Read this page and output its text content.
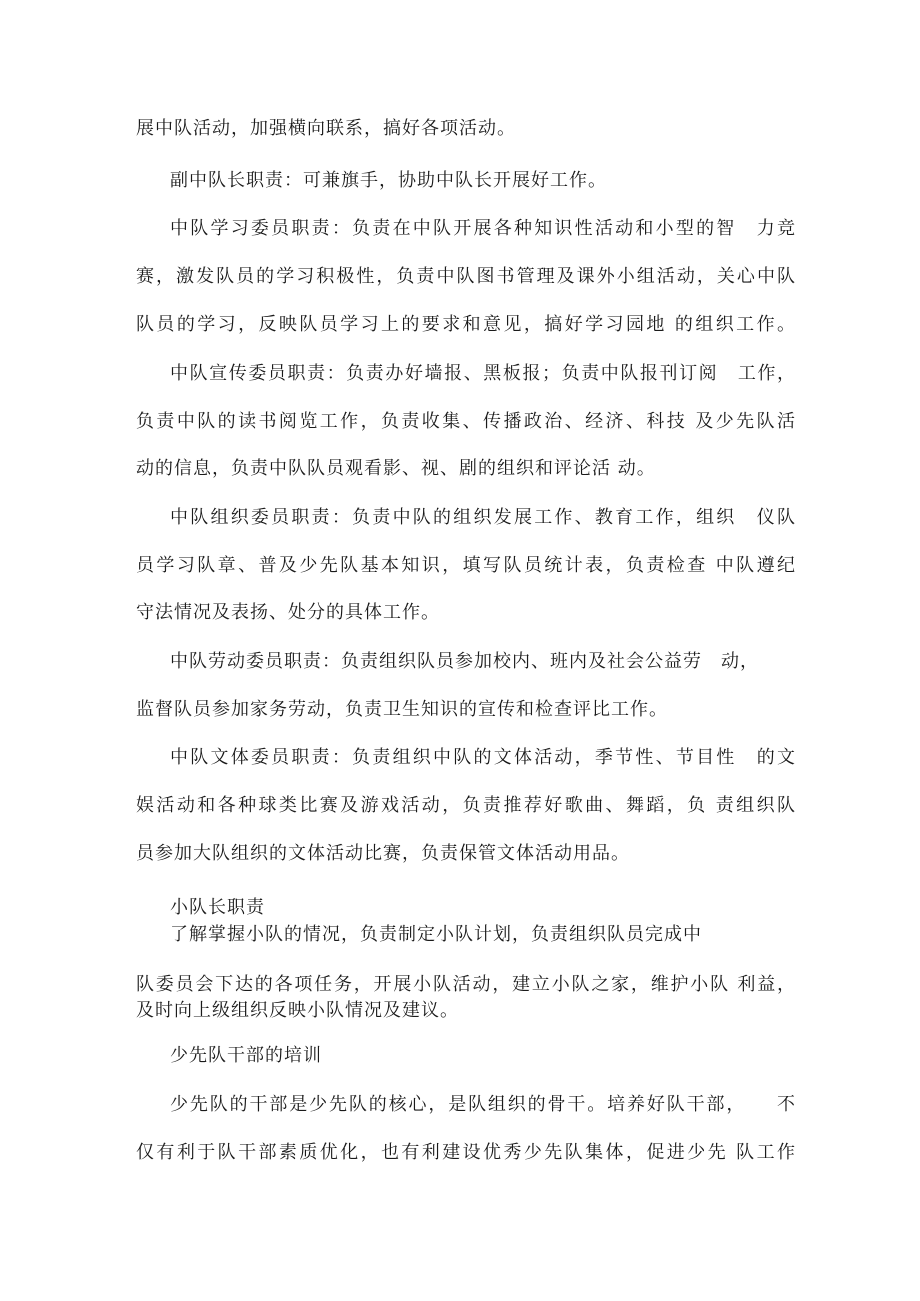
展中队活动，加强横向联系，搞好各项活动。
副中队长职责：可兼旗手，协助中队长开展好工作。
中队学习委员职责：负责在中队开展各种知识性活动和小型的智　力竞
赛，激发队员的学习积极性，负责中队图书管理及课外小组活动，关心中队
队员的学习，反映队员学习上的要求和意见，搞好学习园地 的组织工作。
中队宣传委员职责：负责办好墙报、黑板报；负责中队报刊订阅　工作，
负责中队的读书阅览工作，负责收集、传播政治、经济、科技 及少先队活
动的信息，负责中队队员观看影、视、剧的组织和评论活 动。
中队组织委员职责：负责中队的组织发展工作、教育工作，组织　仪队
员学习队章、普及少先队基本知识，填写队员统计表，负责检查 中队遵纪
守法情况及表扬、处分的具体工作。
中队劳动委员职责：负责组织队员参加校内、班内及社会公益劳　动，
监督队员参加家务劳动，负责卫生知识的宣传和检查评比工作。
中队文体委员职责：负责组织中队的文体活动，季节性、节目性　的文
娱活动和各种球类比赛及游戏活动，负责推荐好歌曲、舞蹈，负 责组织队
员参加大队组织的文体活动比赛，负责保管文体活动用品。
小队长职责
了解掌握小队的情况，负责制定小队计划，负责组织队员完成中
队委员会下达的各项任务，开展小队活动，建立小队之家，维护小队 利益，
及时向上级组织反映小队情况及建议。
少先队干部的培训
少先队的干部是少先队的核心，是队组织的骨干。培养好队干部，　　不
仅有利于队干部素质优化，也有利建设优秀少先队集体，促进少先 队工作
